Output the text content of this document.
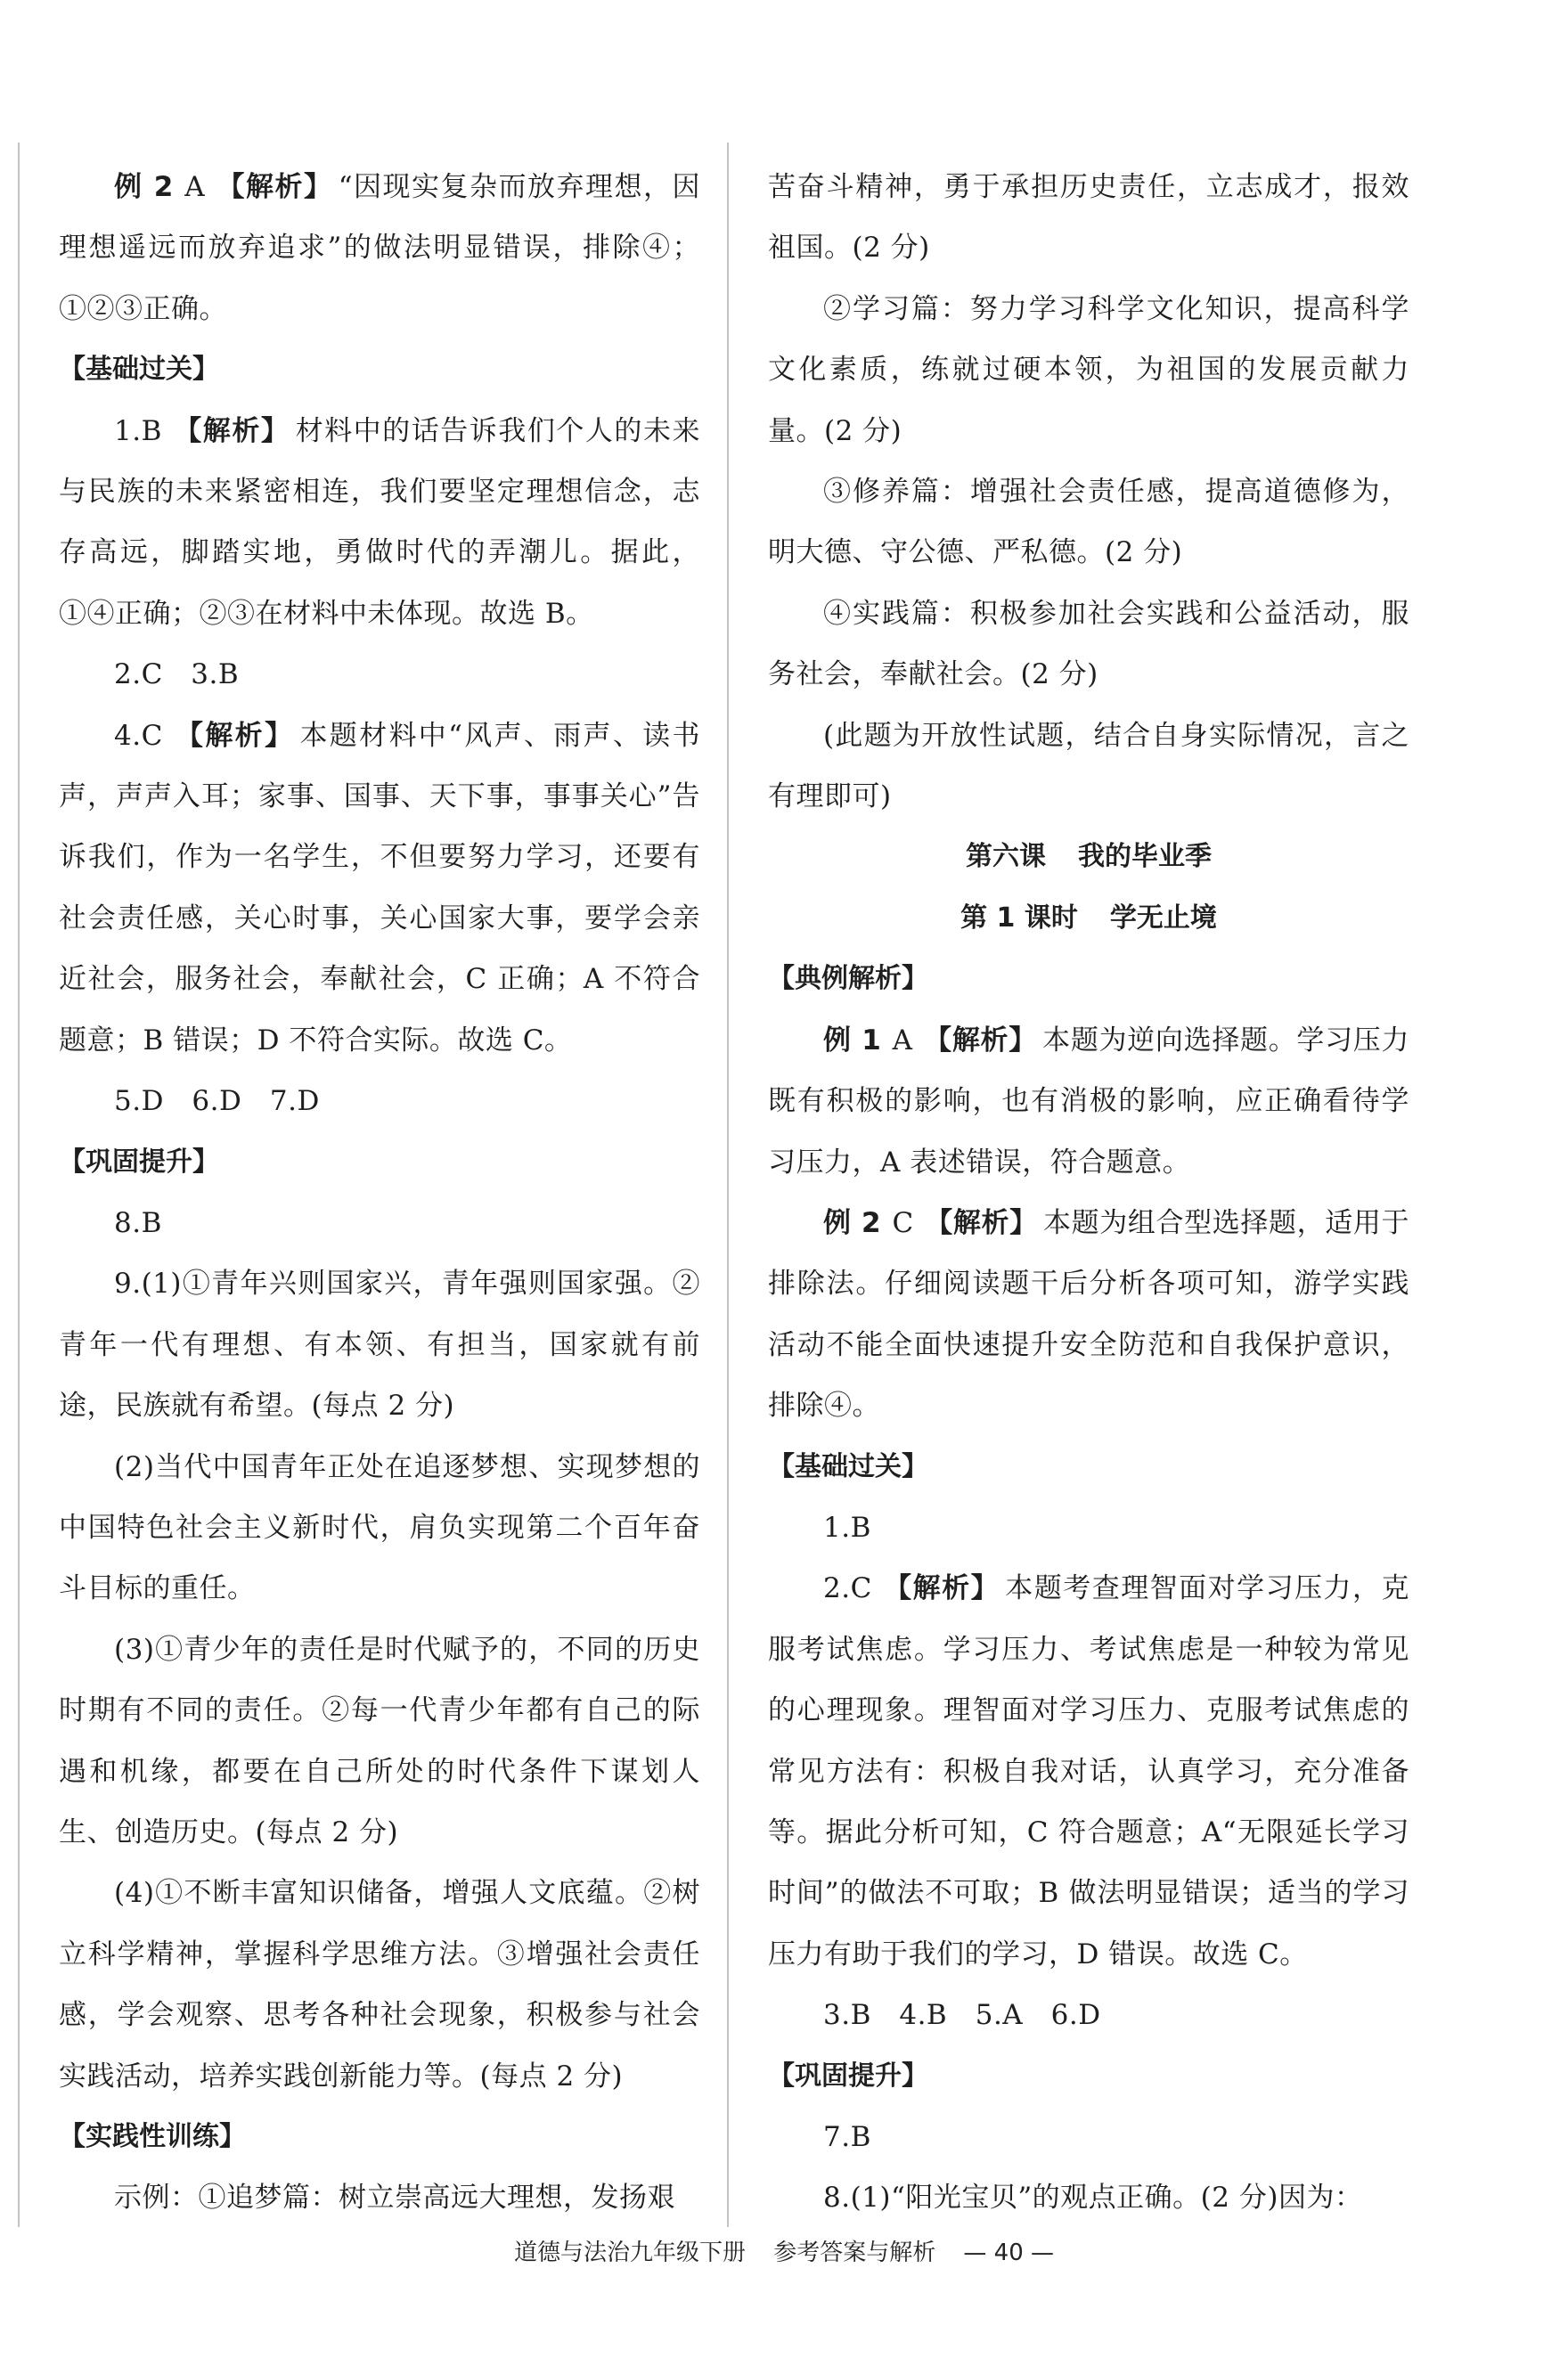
例 2 A 【解析】 “因现实复杂而放弃理想，因理想遥远而放弃追求”的做法明显错误，排除④；①②③正确。

【基础过关】

1.B 【解析】 材料中的话告诉我们个人的未来与民族的未来紧密相连，我们要坚定理想信念，志存高远，脚踏实地，勇做时代的弄潮儿。据此，①④正确；②③在材料中未体现。故选 B。

2.C　3.B

4.C 【解析】 本题材料中“风声、雨声、读书声，声声入耳；家事、国事、天下事，事事关心”告诉我们，作为一名学生，不但要努力学习，还要有社会责任感，关心时事，关心国家大事，要学会亲近社会，服务社会，奉献社会，C 正确；A 不符合题意；B 错误；D 不符合实际。故选 C。

5.D　6.D　7.D

【巩固提升】

8.B

9.(1)①青年兴则国家兴，青年强则国家强。②青年一代有理想、有本领、有担当，国家就有前途，民族就有希望。(每点 2 分)

(2)当代中国青年正处在追逐梦想、实现梦想的中国特色社会主义新时代，肩负实现第二个百年奋斗目标的重任。

(3)①青少年的责任是时代赋予的，不同的历史时期有不同的责任。②每一代青少年都有自己的际遇和机缘，都要在自己所处的时代条件下谋划人生、创造历史。(每点 2 分)

(4)①不断丰富知识储备，增强人文底蕴。②树立科学精神，掌握科学思维方法。③增强社会责任感，学会观察、思考各种社会现象，积极参与社会实践活动，培养实践创新能力等。(每点 2 分)

【实践性训练】

示例：①追梦篇：树立崇高远大理想，发扬艰

苦奋斗精神，勇于承担历史责任，立志成才，报效祖国。(2 分)

②学习篇：努力学习科学文化知识，提高科学文化素质，练就过硬本领，为祖国的发展贡献力量。(2 分)

③修养篇：增强社会责任感，提高道德修为，明大德、守公德、严私德。(2 分)

④实践篇：积极参加社会实践和公益活动，服务社会，奉献社会。(2 分)

(此题为开放性试题，结合自身实际情况，言之有理即可)

第六课 我的毕业季

第 1 课时 学无止境

【典例解析】

例 1 A 【解析】 本题为逆向选择题。学习压力既有积极的影响，也有消极的影响，应正确看待学习压力，A 表述错误，符合题意。

例 2 C 【解析】 本题为组合型选择题，适用于排除法。仔细阅读题干后分析各项可知，游学实践活动不能全面快速提升安全防范和自我保护意识，排除④。

【基础过关】

1.B

2.C 【解析】 本题考查理智面对学习压力，克服考试焦虑。学习压力、考试焦虑是一种较为常见的心理现象。理智面对学习压力、克服考试焦虑的常见方法有：积极自我对话，认真学习，充分准备等。据此分析可知，C 符合题意；A“无限延长学习时间”的做法不可取；B 做法明显错误；适当的学习压力有助于我们的学习，D 错误。故选 C。

3.B　4.B　5.A　6.D

【巩固提升】

7.B

8.(1)“阳光宝贝”的观点正确。(2 分)因为：

道德与法治九年级下册 参考答案与解析 — 40 —
